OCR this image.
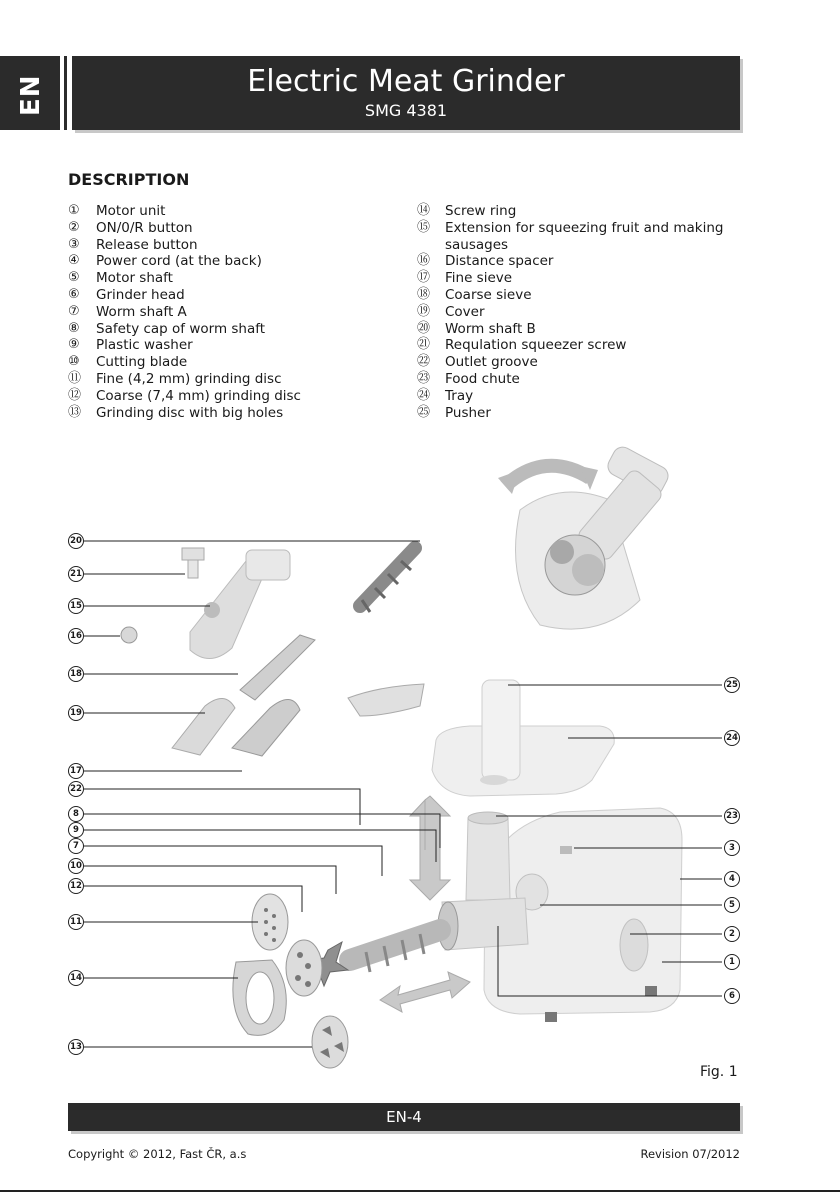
EN	Electric Meat Grinder
SMG 4381
DESCRIPTION
①	Motor unit
②	ON/0/R button
③	Release button
④	Power cord (at the back)
⑤	Motor shaft
⑥	Grinder head
⑦	Worm shaft A
⑧	Safety cap of worm shaft
⑨	Plastic washer
⑩	Cutting blade
⑪	Fine (4,2 mm) grinding disc
⑫	Coarse (7,4 mm) grinding disc
⑬	Grinding disc with big holes
⑭	Screw ring
⑮	Extension for squeezing fruit and making sausages
⑯	Distance spacer
⑰	Fine sieve
⑱	Coarse sieve
⑲	Cover
⑳	Worm shaft B
㉑	Requlation squeezer screw
㉒	Outlet groove
㉓	Food chute
㉔	Tray
㉕	Pusher
20
21
15
16
18
19
17
22
8
9
7
10
12
11
14
13
25
24
23
3
4
5
2
1
6
Fig. 1
EN-4
Copyright © 2012, Fast ČR, a.s	Revision 07/2012
